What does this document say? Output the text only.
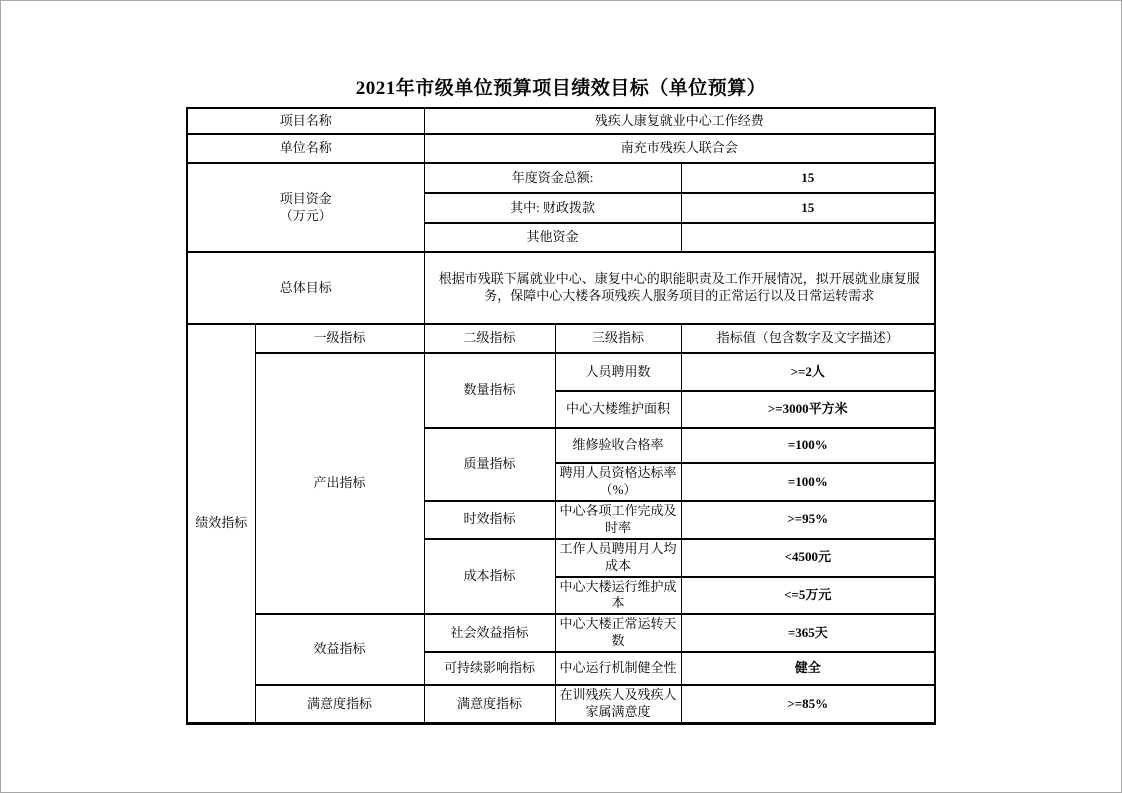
2021年市级单位预算项目绩效目标（单位预算）
项目名称		残疾人康复就业中心工作经费		
单位名称		南充市残疾人联合会		

项目资金
（万元）		年度资金总额:		15
		其中: 财政拨款		15
		其他资金		
总体目标		根据市残联下属就业中心、康复中心的职能职责及工作开展情况，拟开展就业康复服务，保障中心大楼各项残疾人服务项目的正常运行以及日常运转需求		
绩效指标	一级指标	二级指标	三级指标	指标值（包含数字及文字描述）
	产出指标	数量指标	人员聘用数	>=2人
			中心大楼维护面积	>=3000平方米
		质量指标	维修验收合格率	=100%
			聘用人员资格达标率（%）	=100%
		时效指标	中心各项工作完成及时率	>=95%
		成本指标	工作人员聘用月人均成本	<4500元
			中心大楼运行维护成本	<=5万元
	效益指标	社会效益指标	中心大楼正常运转天数	=365天
		可持续影响指标	中心运行机制健全性	健全
	满意度指标	满意度指标	在训残疾人及残疾人家属满意度	>=85%
